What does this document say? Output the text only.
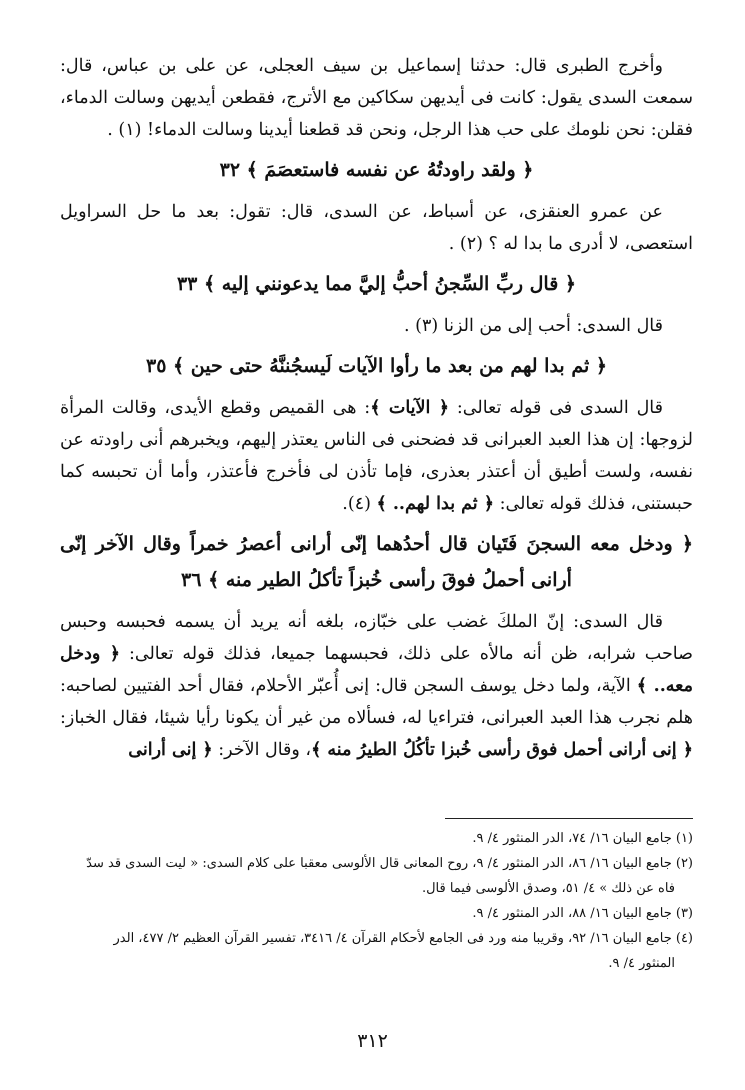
وأخرج الطبرى قال: حدثنا إسماعيل بن سيف العجلى، عن على بن عباس، قال: سمعت السدى يقول: كانت فى أيديهن سكاكين مع الأترج، فقطعن أيديهن وسالت الدماء، فقلن: نحن نلومك على حب هذا الرجل، ونحن قد قطعنا أيدينا وسالت الدماء! (١) .

﴿ ولقد راودتُهُ عن نفسه فاستعصَمَ ﴾ ٣٢

عن عمرو العنقزى، عن أسباط، عن السدى، قال: تقول: بعد ما حل السراويل استعصى، لا أدرى ما بدا له ؟ (٢) .

﴿ قال ربِّ السِّجنُ أحبُّ إليَّ مما يدعونني إليه ﴾ ٣٣

قال السدى: أحب إلى من الزنا (٣) .

﴿ ثم بدا لهم من بعد ما رأوا الآيات لَيسجُننَّهُ حتى حين ﴾ ٣٥

قال السدى فى قوله تعالى: ﴿ الآيات ﴾: هى القميص وقطع الأيدى، وقالت المرأة لزوجها: إن هذا العبد العبرانى قد فضحنى فى الناس يعتذر إليهم، ويخبرهم أنى راودته عن نفسه، ولست أطيق أن أعتذر بعذرى، فإما تأذن لى فأخرج فأعتذر، وأما أن تحبسه كما حبستنى، فذلك قوله تعالى: ﴿ ثم بدا لهم.. ﴾ (٤).

﴿ ودخل معه السجنَ فَتَيان قال أحدُهما إنّى أرانى أعصرُ خمراً وقال الآخر إنّى أرانى أحملُ فوقَ رأسى خُبزاً تأكلُ الطير منه ﴾ ٣٦

قال السدى: إنّ الملكَ غضب على خبّازه، بلغه أنه يريد أن يسمه فحبسه وحبس صاحب شرابه، ظن أنه مالأه على ذلك، فحبسهما جميعا، فذلك قوله تعالى: ﴿ ودخل معه.. ﴾ الآية، ولما دخل يوسف السجن قال: إنى أُعبّر الأحلام، فقال أحد الفتيين لصاحبه: هلم نجرب هذا العبد العبرانى، فتراءيا له، فسألاه من غير أن يكونا رأيا شيئا، فقال الخباز: ﴿ إنى أرانى أحمل فوق رأسى خُبزا تأكُلُ الطيرُ منه ﴾، وقال الآخر: ﴿ إنى أرانى

(١) جامع البيان ١٦/ ٧٤، الدر المنثور ٤/ ٩.

(٢) جامع البيان ١٦/ ٨٦، الدر المنثور ٤/ ٩، روح المعانى قال الألوسى معقبا على كلام السدى: « ليت السدى قد سدّ
فاه عن ذلك » ٤/ ٥١، وصدق الألوسى فيما قال.

(٣) جامع البيان ١٦/ ٨٨، الدر المنثور ٤/ ٩.

(٤) جامع البيان ١٦/ ٩٢، وقريبا منه ورد فى الجامع لأحكام القرآن ٤/ ٣٤١٦، تفسير القرآن العظيم ٢/ ٤٧٧، الدر
المنثور ٤/ ٩.

٣١٢
